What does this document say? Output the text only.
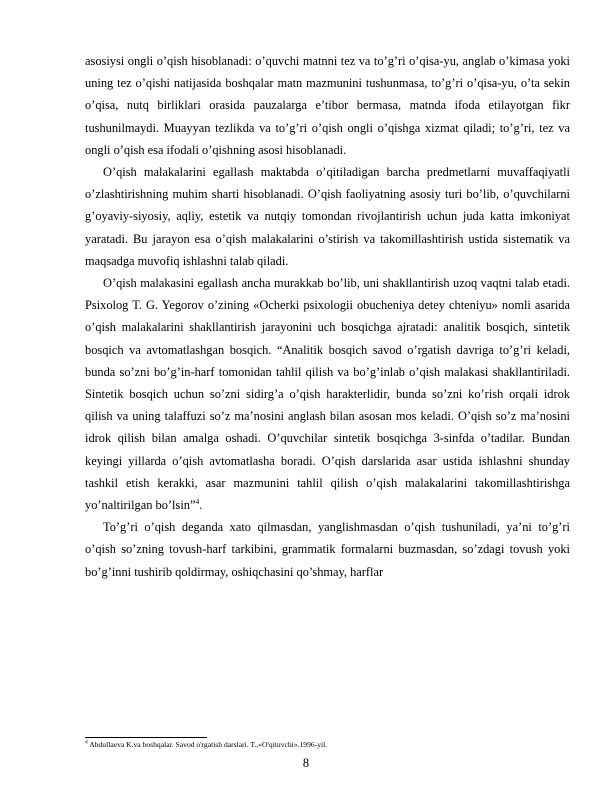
asosiysi ongli o’qish hisoblanadi: o’quvchi matnni tez va to’g’ri o’qisa-yu, anglab o’kimasa yoki uning tez o’qishi natijasida boshqalar matn mazmunini tushunmasa, to’g’ri o’qisa-yu, o’ta sekin o’qisa, nutq birliklari orasida pauzalarga e’tibor bermasa, matnda ifoda etilayotgan fikr tushunilmaydi. Muayyan tezlikda va to’g’ri o’qish ongli o’qishga xizmat qiladi; to’g’ri, tez va ongli o’qish esa ifodali o’qishning asosi hisoblanadi.

O’qish malakalarini egallash maktabda o’qitiladigan barcha predmetlarni muvaffaqiyatli o’zlashtirishning muhim sharti hisoblanadi. O’qish faoliyatning asosiy turi bo’lib, o’quvchilarni g’oyaviy-siyosiy, aqliy, estetik va nutqiy tomondan rivojlantirish uchun juda katta imkoniyat yaratadi. Bu jarayon esa o’qish malakalarini o’stirish va takomillashtirish ustida sistematik va maqsadga muvofiq ishlashni talab qiladi.

O’qish malakasini egallash ancha murakkab bo’lib, uni shakllantirish uzoq vaqtni talab etadi. Psixolog T. G. Yegorov o’zining «Ocherki psixologii obucheniya detey chteniyu» nomli asarida o’qish malakalarini shakllantirish jarayonini uch bosqichga ajratadi: analitik bosqich, sintetik bosqich va avtomatlashgan bosqich. “Analitik bosqich savod o’rgatish davriga to’g’ri keladi, bunda so’zni bo’g’in-harf tomonidan tahlil qilish va bo’g’inlab o’qish malakasi shakllantiriladi. Sintetik bosqich uchun so’zni sidirg’a o’qish harakterlidir, bunda so’zni ko’rish orqali idrok qilish va uning talaffuzi so’z ma’nosini anglash bilan asosan mos keladi. O’qish so’z ma’nosini idrok qilish bilan amalga oshadi. O’quvchilar sintetik bosqichga 3-sinfda o’tadilar. Bundan keyingi yillarda o’qish avtomatlasha boradi. O’qish darslarida asar ustida ishlashni shunday tashkil etish kerakki, asar mazmunini tahlil qilish o’qish malakalarini takomillashtirishga yo’naltirilgan bo’lsin”$^4$.

To’g’ri o’qish deganda xato qilmasdan, yanglishmasdan o’qish tushuniladi, ya’ni to’g’ri o’qish so’zning tovush-harf tarkibini, grammatik formalarni buzmasdan, so’zdagi tovush yoki bo’g’inni tushirib qoldirmay, oshiqchasini qo’shmay, harflar

$^4$ Abdullaeva K.va boshqalar. Savod o'rgatish darslari. T.,«O'qituvchi».1996-yil.
8
